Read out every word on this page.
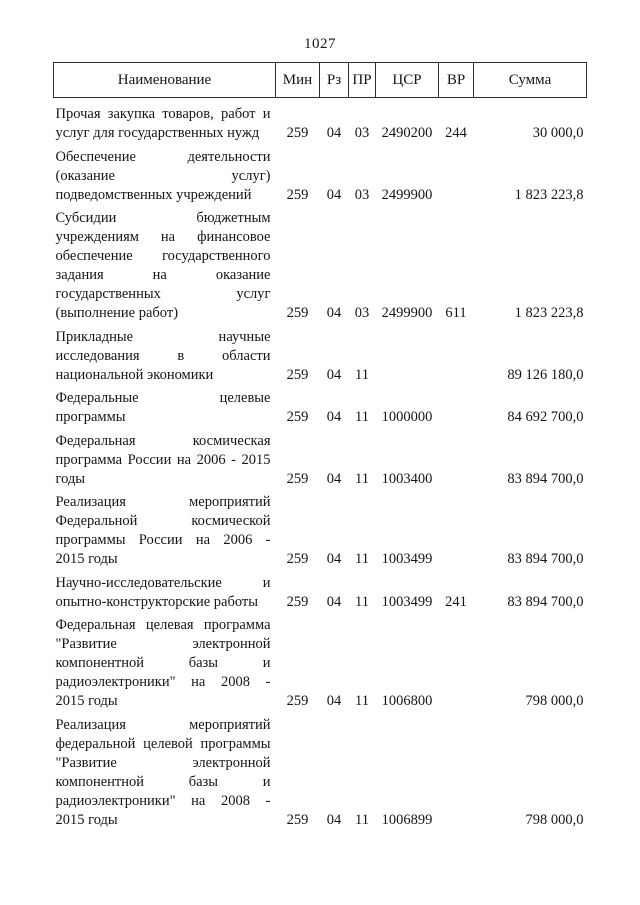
1027
Наименование	Мин	Рз	ПР	ЦСР	ВР	Сумма

Прочая закупка товаров, работ и
услуг для государственных нужд	259	04	03	2490200	244	30 000,0

Обеспечение деятельности
(оказание услуг)
подведомственных учреждений	259	04	03	2499900		1 823 223,8

Субсидии бюджетным
учреждениям на финансовое
обеспечение государственного
задания на оказание
государственных услуг
(выполнение работ)	259	04	03	2499900	611	1 823 223,8

Прикладные научные
исследования в области
национальной экономики	259	04	11			89 126 180,0

Федеральные целевые
программы	259	04	11	1000000		84 692 700,0

Федеральная космическая
программа России на 2006 - 2015
годы	259	04	11	1003400		83 894 700,0

Реализация мероприятий
Федеральной космической
программы России на 2006 -
2015 годы	259	04	11	1003499		83 894 700,0

Научно-исследовательские и
опытно-конструкторские работы	259	04	11	1003499	241	83 894 700,0

Федеральная целевая программа
"Развитие электронной
компонентной базы и
радиоэлектроники" на 2008 -
2015 годы	259	04	11	1006800		798 000,0

Реализация мероприятий
федеральной целевой программы
"Развитие электронной
компонентной базы и
радиоэлектроники" на 2008 -
2015 годы	259	04	11	1006899		798 000,0
